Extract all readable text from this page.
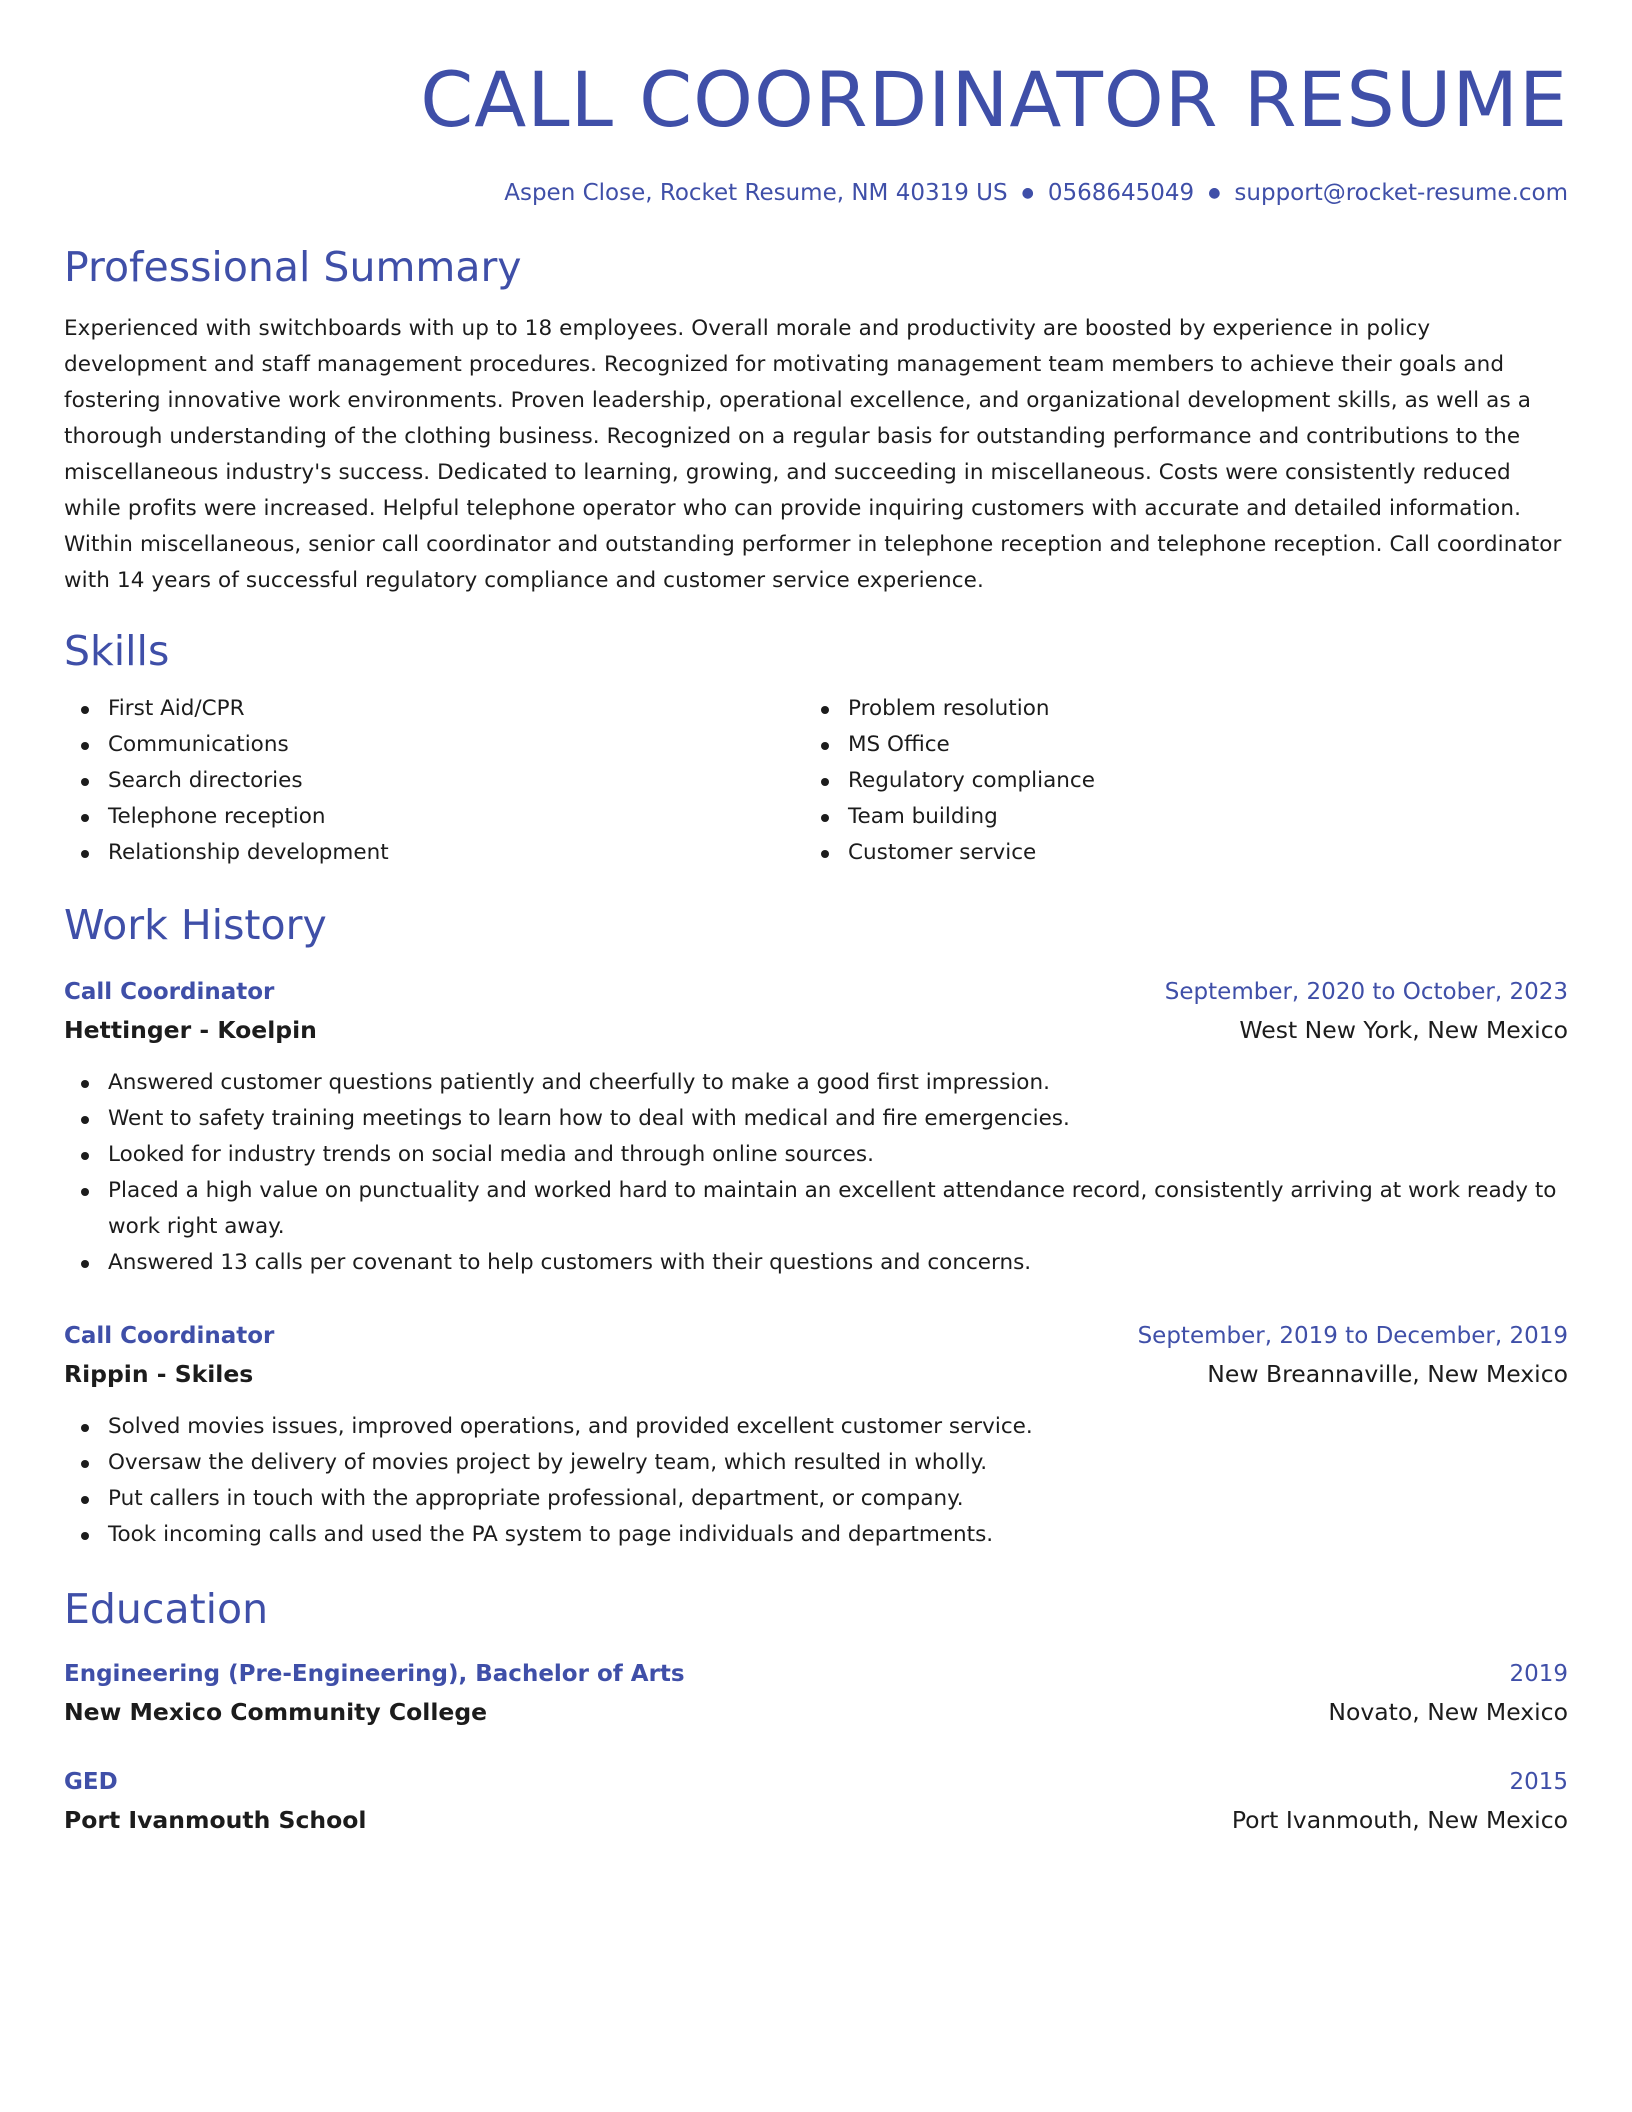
CALL COORDINATOR RESUME
Aspen Close, Rocket Resume, NM 40319 US ● 0568645049 ● support@rocket-resume.com
Professional Summary
Experienced with switchboards with up to 18 employees. Overall morale and productivity are boosted by experience in policy development and staff management procedures. Recognized for motivating management team members to achieve their goals and fostering innovative work environments. Proven leadership, operational excellence, and organizational development skills, as well as a thorough understanding of the clothing business. Recognized on a regular basis for outstanding performance and contributions to the miscellaneous industry's success. Dedicated to learning, growing, and succeeding in miscellaneous. Costs were consistently reduced while profits were increased. Helpful telephone operator who can provide inquiring customers with accurate and detailed information. Within miscellaneous, senior call coordinator and outstanding performer in telephone reception and telephone reception. Call coordinator with 14 years of successful regulatory compliance and customer service experience.
Skills
First Aid/CPR
Communications
Search directories
Telephone reception
Relationship development
Problem resolution
MS Office
Regulatory compliance
Team building
Customer service
Work History
Call Coordinator	September, 2020 to October, 2023
Hettinger - Koelpin	West New York, New Mexico
Answered customer questions patiently and cheerfully to make a good first impression.
Went to safety training meetings to learn how to deal with medical and fire emergencies.
Looked for industry trends on social media and through online sources.
Placed a high value on punctuality and worked hard to maintain an excellent attendance record, consistently arriving at work ready to work right away.
Answered 13 calls per covenant to help customers with their questions and concerns.
Call Coordinator	September, 2019 to December, 2019
Rippin - Skiles	New Breannaville, New Mexico
Solved movies issues, improved operations, and provided excellent customer service.
Oversaw the delivery of movies project by jewelry team, which resulted in wholly.
Put callers in touch with the appropriate professional, department, or company.
Took incoming calls and used the PA system to page individuals and departments.
Education
Engineering (Pre-Engineering), Bachelor of Arts	2019
New Mexico Community College	Novato, New Mexico
GED	2015
Port Ivanmouth School	Port Ivanmouth, New Mexico
